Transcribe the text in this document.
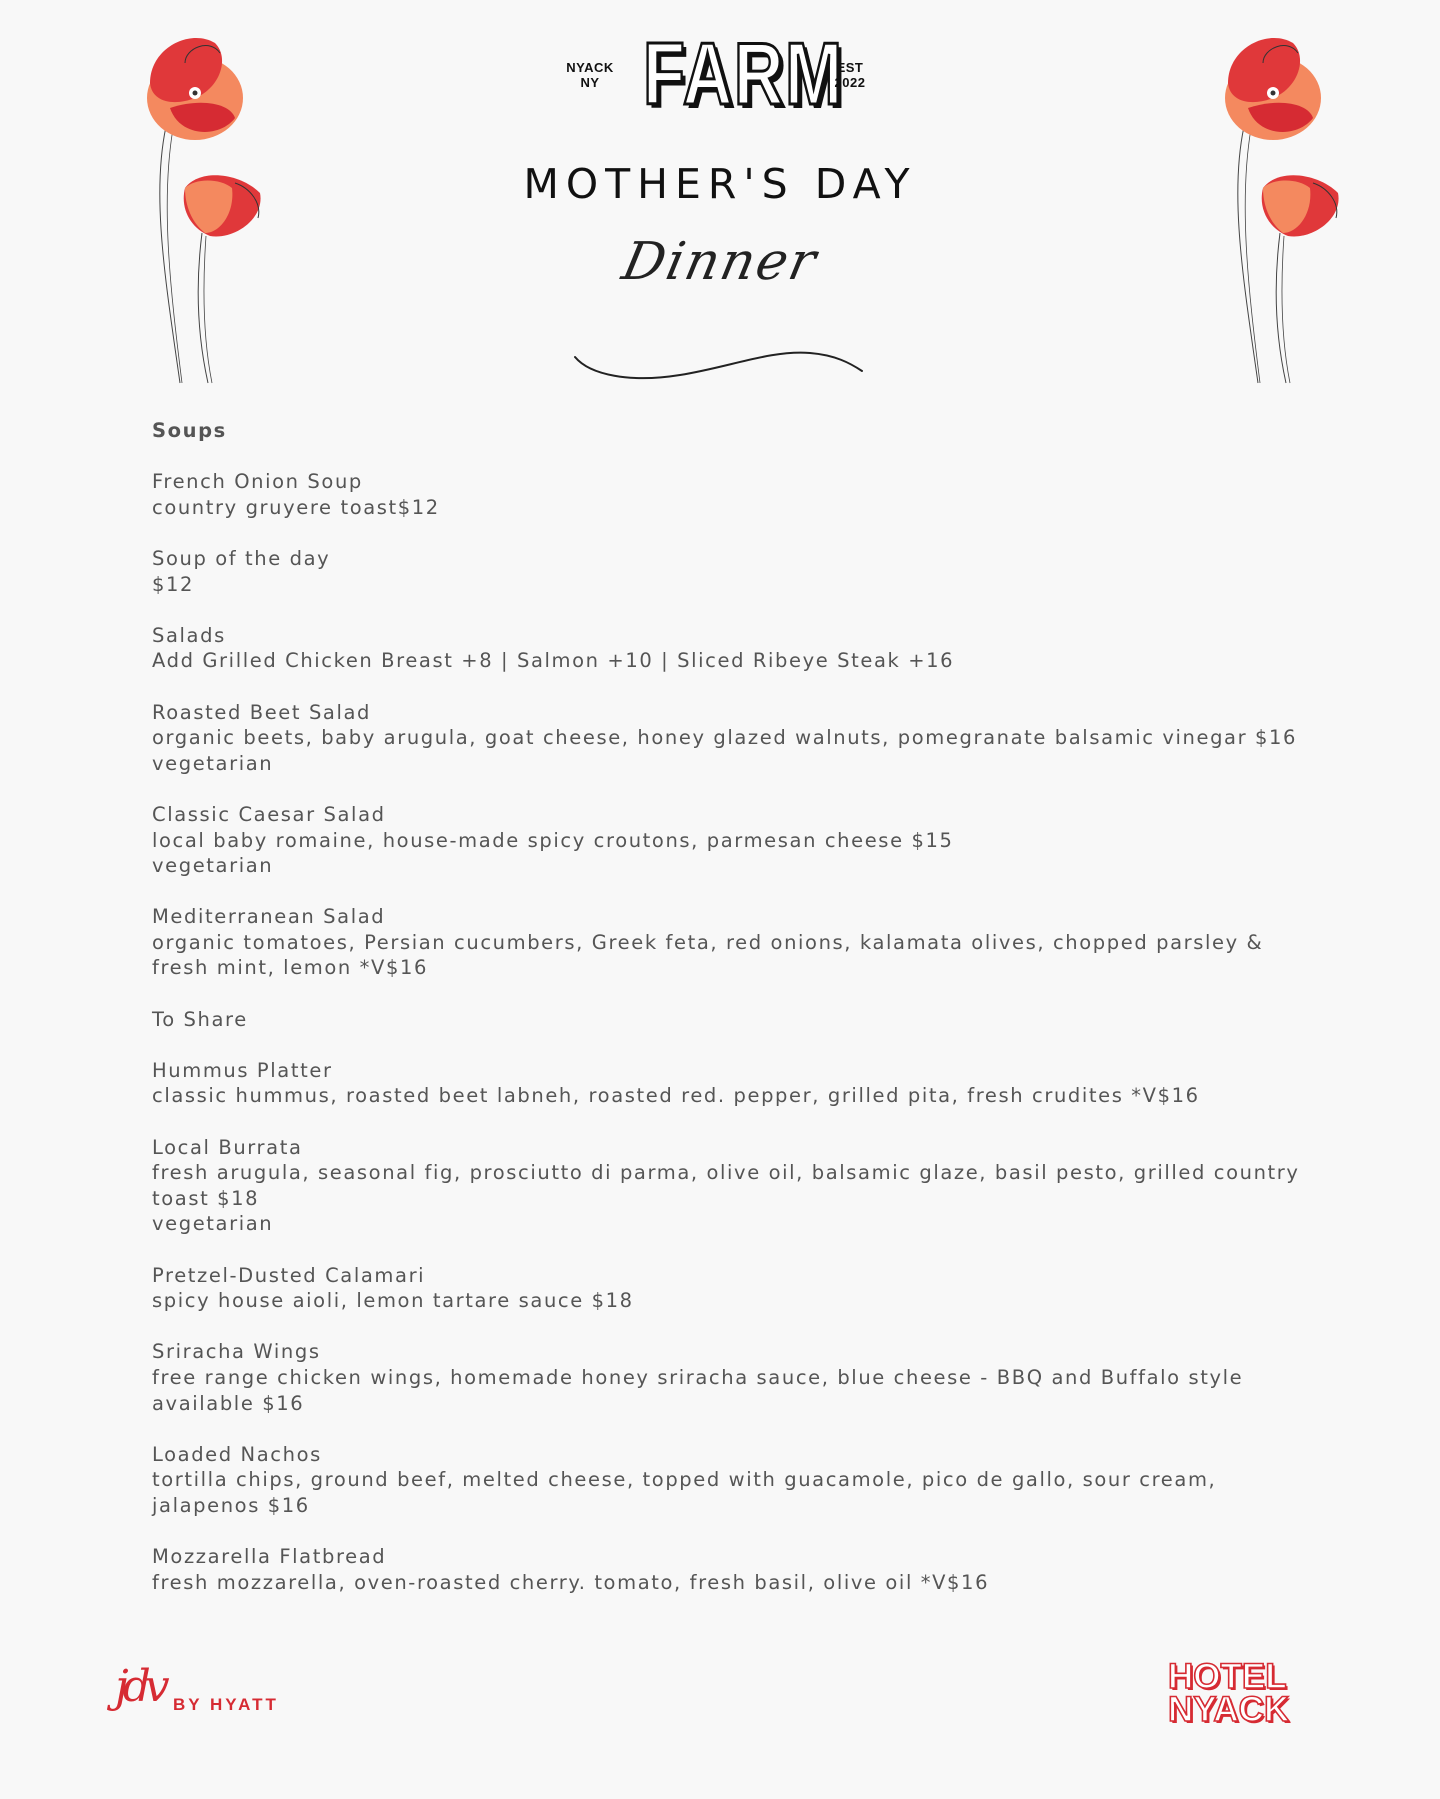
NYACK
NY FARM
EST
2022
MOTHER'S DAY
Dinner
Soups
French Onion Soup
country gruyere toast$12
Soup of the day
$12
Salads
Add Grilled Chicken Breast +8 | Salmon +10 | Sliced Ribeye Steak +16
Roasted Beet Salad
organic beets, baby arugula, goat cheese, honey glazed walnuts, pomegranate balsamic vinegar $16
vegetarian
Classic Caesar Salad
local baby romaine, house-made spicy croutons, parmesan cheese $15
vegetarian
Mediterranean Salad
organic tomatoes, Persian cucumbers, Greek feta, red onions, kalamata olives, chopped parsley &
fresh mint, lemon *V$16
To Share
Hummus Platter
classic hummus, roasted beet labneh, roasted red. pepper, grilled pita, fresh crudites *V$16
Local Burrata
fresh arugula, seasonal fig, prosciutto di parma, olive oil, balsamic glaze, basil pesto, grilled country
toast $18
vegetarian
Pretzel-Dusted Calamari
spicy house aioli, lemon tartare sauce $18
Sriracha Wings
free range chicken wings, homemade honey sriracha sauce, blue cheese - BBQ and Buffalo style
available $16
Loaded Nachos
tortilla chips, ground beef, melted cheese, topped with guacamole, pico de gallo, sour cream,
jalapenos $16
Mozzarella Flatbread
fresh mozzarella, oven-roasted cherry. tomato, fresh basil, olive oil *V$16
jdv BY HYATT
HOTEL
NYACK
